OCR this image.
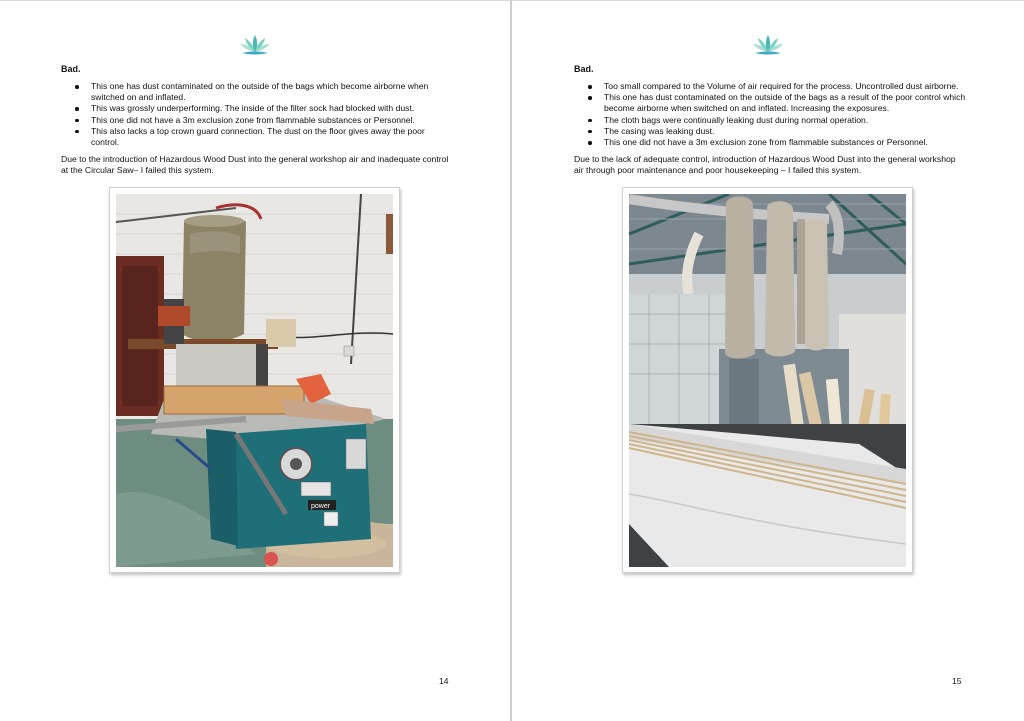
Bad.
This one has dust contaminated on the outside of the bags which become airborne when switched on and inflated.
This was grossly underperforming. The inside of the filter sock had blocked with dust.
This one did not have a 3m exclusion zone from flammable substances or Personnel.
This also lacks a top crown guard connection. The dust on the floor gives away the poor control.

Due to the introduction of Hazardous Wood Dust into the general workshop air and inadequate control at the Circular Saw– I failed this system.

power
14
Bad.
Too small compared to the Volume of air required for the process. Uncontrolled dust airborne.
This one has dust contaminated on the outside of the bags as a result of the poor control which become airborne when switched on and inflated. Increasing the exposures.
The cloth bags were continually leaking dust during normal operation.
The casing was leaking dust.
This one did not have a 3m exclusion zone from flammable substances or Personnel.

Due to the lack of adequate control, introduction of Hazardous Wood Dust into the general workshop air through poor maintenance and poor housekeeping – I failed this system.

15
